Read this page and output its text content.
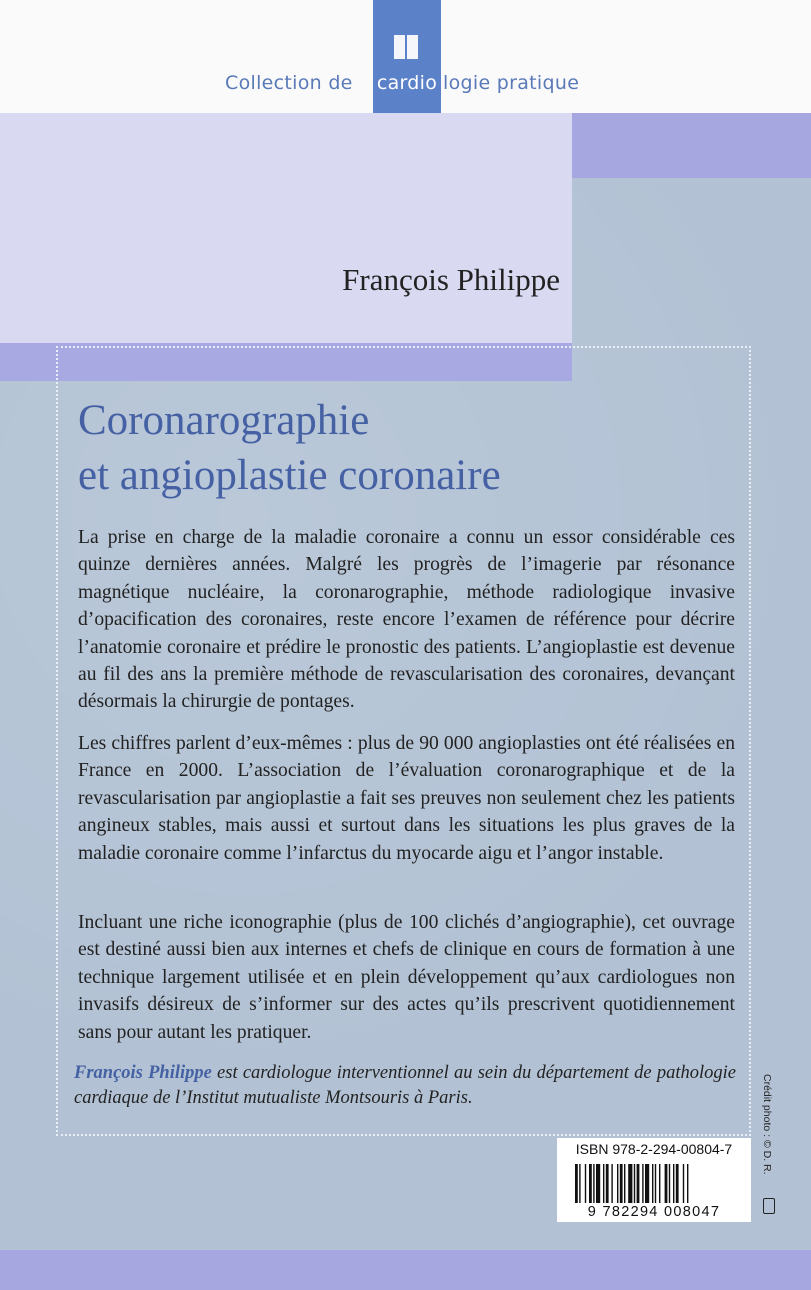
Collection de cardio logie pratique
François Philippe
Coronarographie
et angioplastie coronaire
La prise en charge de la maladie coronaire a connu un essor considérable ces quinze dernières années. Malgré les progrès de l’imagerie par résonance magnétique nucléaire, la coronarographie, méthode radiologique invasive d’opacification des coronaires, reste encore l’examen de référence pour décrire l’anatomie coronaire et prédire le pronostic des patients. L’angioplastie est devenue au fil des ans la première méthode de revascularisation des coronaires, devançant désormais la chirurgie de pontages.
Les chiffres parlent d’eux-mêmes : plus de 90 000 angioplasties ont été réalisées en France en 2000. L’association de l’évaluation coronarographique et de la revascularisation par angioplastie a fait ses preuves non seulement chez les patients angineux stables, mais aussi et surtout dans les situations les plus graves de la maladie coronaire comme l’infarctus du myocarde aigu et l’angor instable.
Incluant une riche iconographie (plus de 100 clichés d’angiographie), cet ouvrage est destiné aussi bien aux internes et chefs de clinique en cours de formation à une technique largement utilisée et en plein développement qu’aux cardiologues non invasifs désireux de s’informer sur des actes qu’ils prescrivent quotidiennement sans pour autant les pratiquer.
François Philippe est cardiologue interventionnel au sein du département de pathologie cardiaque de l’Institut mutualiste Montsouris à Paris.
ISBN 978-2-294-00804-7
9 782294 008047
Crédit photo : © D. R.
